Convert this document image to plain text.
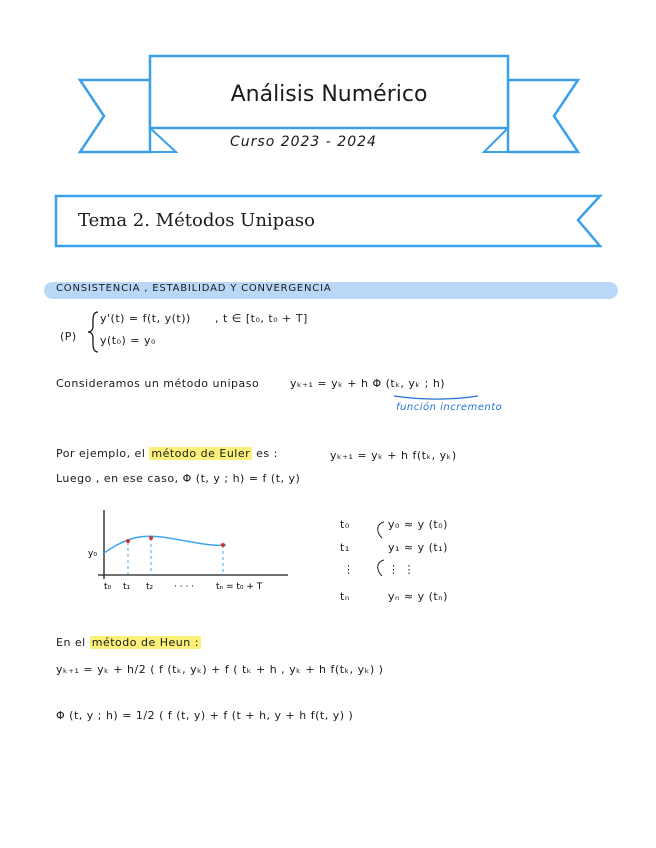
Análisis Numérico
Curso 2023 - 2024
Tema 2. Métodos Unipaso
CONSISTENCIA , ESTABILIDAD Y CONVERGENCIA
(P)
y'(t) = f(t, y(t)) , t ∈ [t₀, t₀ + T]
y(t₀) = y₀
Consideramos un método unipaso	yₖ₊₁ = yₖ + h Φ (tₖ, yₖ ; h)
función incremento
Por ejemplo, el método de Euler es :	yₖ₊₁ = yₖ + h f(tₖ, yₖ)
Luego , en ese caso, Φ (t, y ; h) = f (t, y)
y₀
t₀ t₁ t₂ · · · · tₙ = t₀ + T
t₀	y₀ ≈ y (t₀)
t₁	y₁ ≈ y (t₁)
⋮	⋮ ⋮
tₙ	yₙ ≈ y (tₙ)
En el método de Heun :
yₖ₊₁ = yₖ + h/2 ( f (tₖ, yₖ) + f ( tₖ + h , yₖ + h f(tₖ, yₖ) )
Φ (t, y ; h) = 1/2 ( f (t, y) + f (t + h, y + h f(t, y) )
